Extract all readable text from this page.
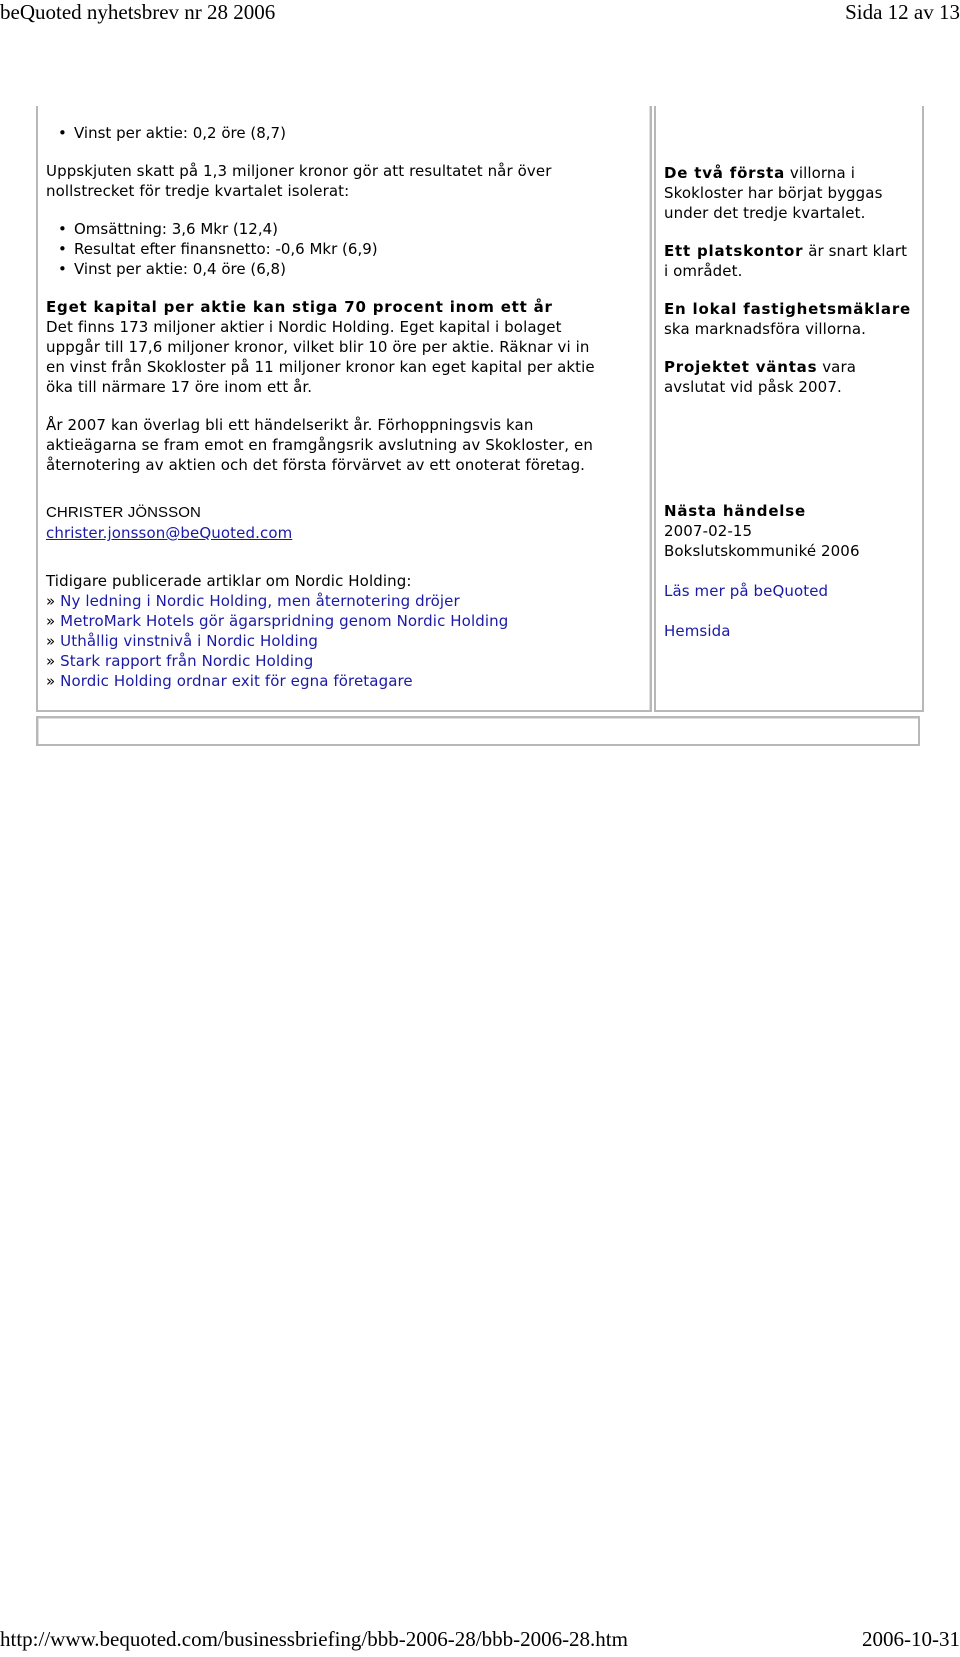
beQuoted nyhetsbrev nr 28 2006	Sida 12 av 13
• Vinst per aktie: 0,2 öre (8,7)
Uppskjuten skatt på 1,3 miljoner kronor gör att resultatet når över
nollstrecket för tredje kvartalet isolerat:
• Omsättning: 3,6 Mkr (12,4)
• Resultat efter finansnetto: -0,6 Mkr (6,9)
• Vinst per aktie: 0,4 öre (6,8)
Eget kapital per aktie kan stiga 70 procent inom ett år
Det finns 173 miljoner aktier i Nordic Holding. Eget kapital i bolaget
uppgår till 17,6 miljoner kronor, vilket blir 10 öre per aktie. Räknar vi in
en vinst från Skokloster på 11 miljoner kronor kan eget kapital per aktie
öka till närmare 17 öre inom ett år.
År 2007 kan överlag bli ett händelserikt år. Förhoppningsvis kan
aktieägarna se fram emot en framgångsrik avslutning av Skokloster, en
åternotering av aktien och det första förvärvet av ett onoterat företag.
CHRISTER JÖNSSON
christer.jonsson@beQuoted.com
Tidigare publicerade artiklar om Nordic Holding:
» Ny ledning i Nordic Holding, men åternotering dröjer
» MetroMark Hotels gör ägarspridning genom Nordic Holding
» Uthållig vinstnivå i Nordic Holding
» Stark rapport från Nordic Holding
» Nordic Holding ordnar exit för egna företagare
De två första villorna i
Skokloster har börjat byggas
under det tredje kvartalet.
Ett platskontor är snart klart
i området.
En lokal fastighetsmäklare
ska marknadsföra villorna.
Projektet väntas vara
avslutat vid påsk 2007.
Nästa händelse
2007-02-15
Bokslutskommuniké 2006
Läs mer på beQuoted
Hemsida
http://www.bequoted.com/businessbriefing/bbb-2006-28/bbb-2006-28.htm	2006-10-31
